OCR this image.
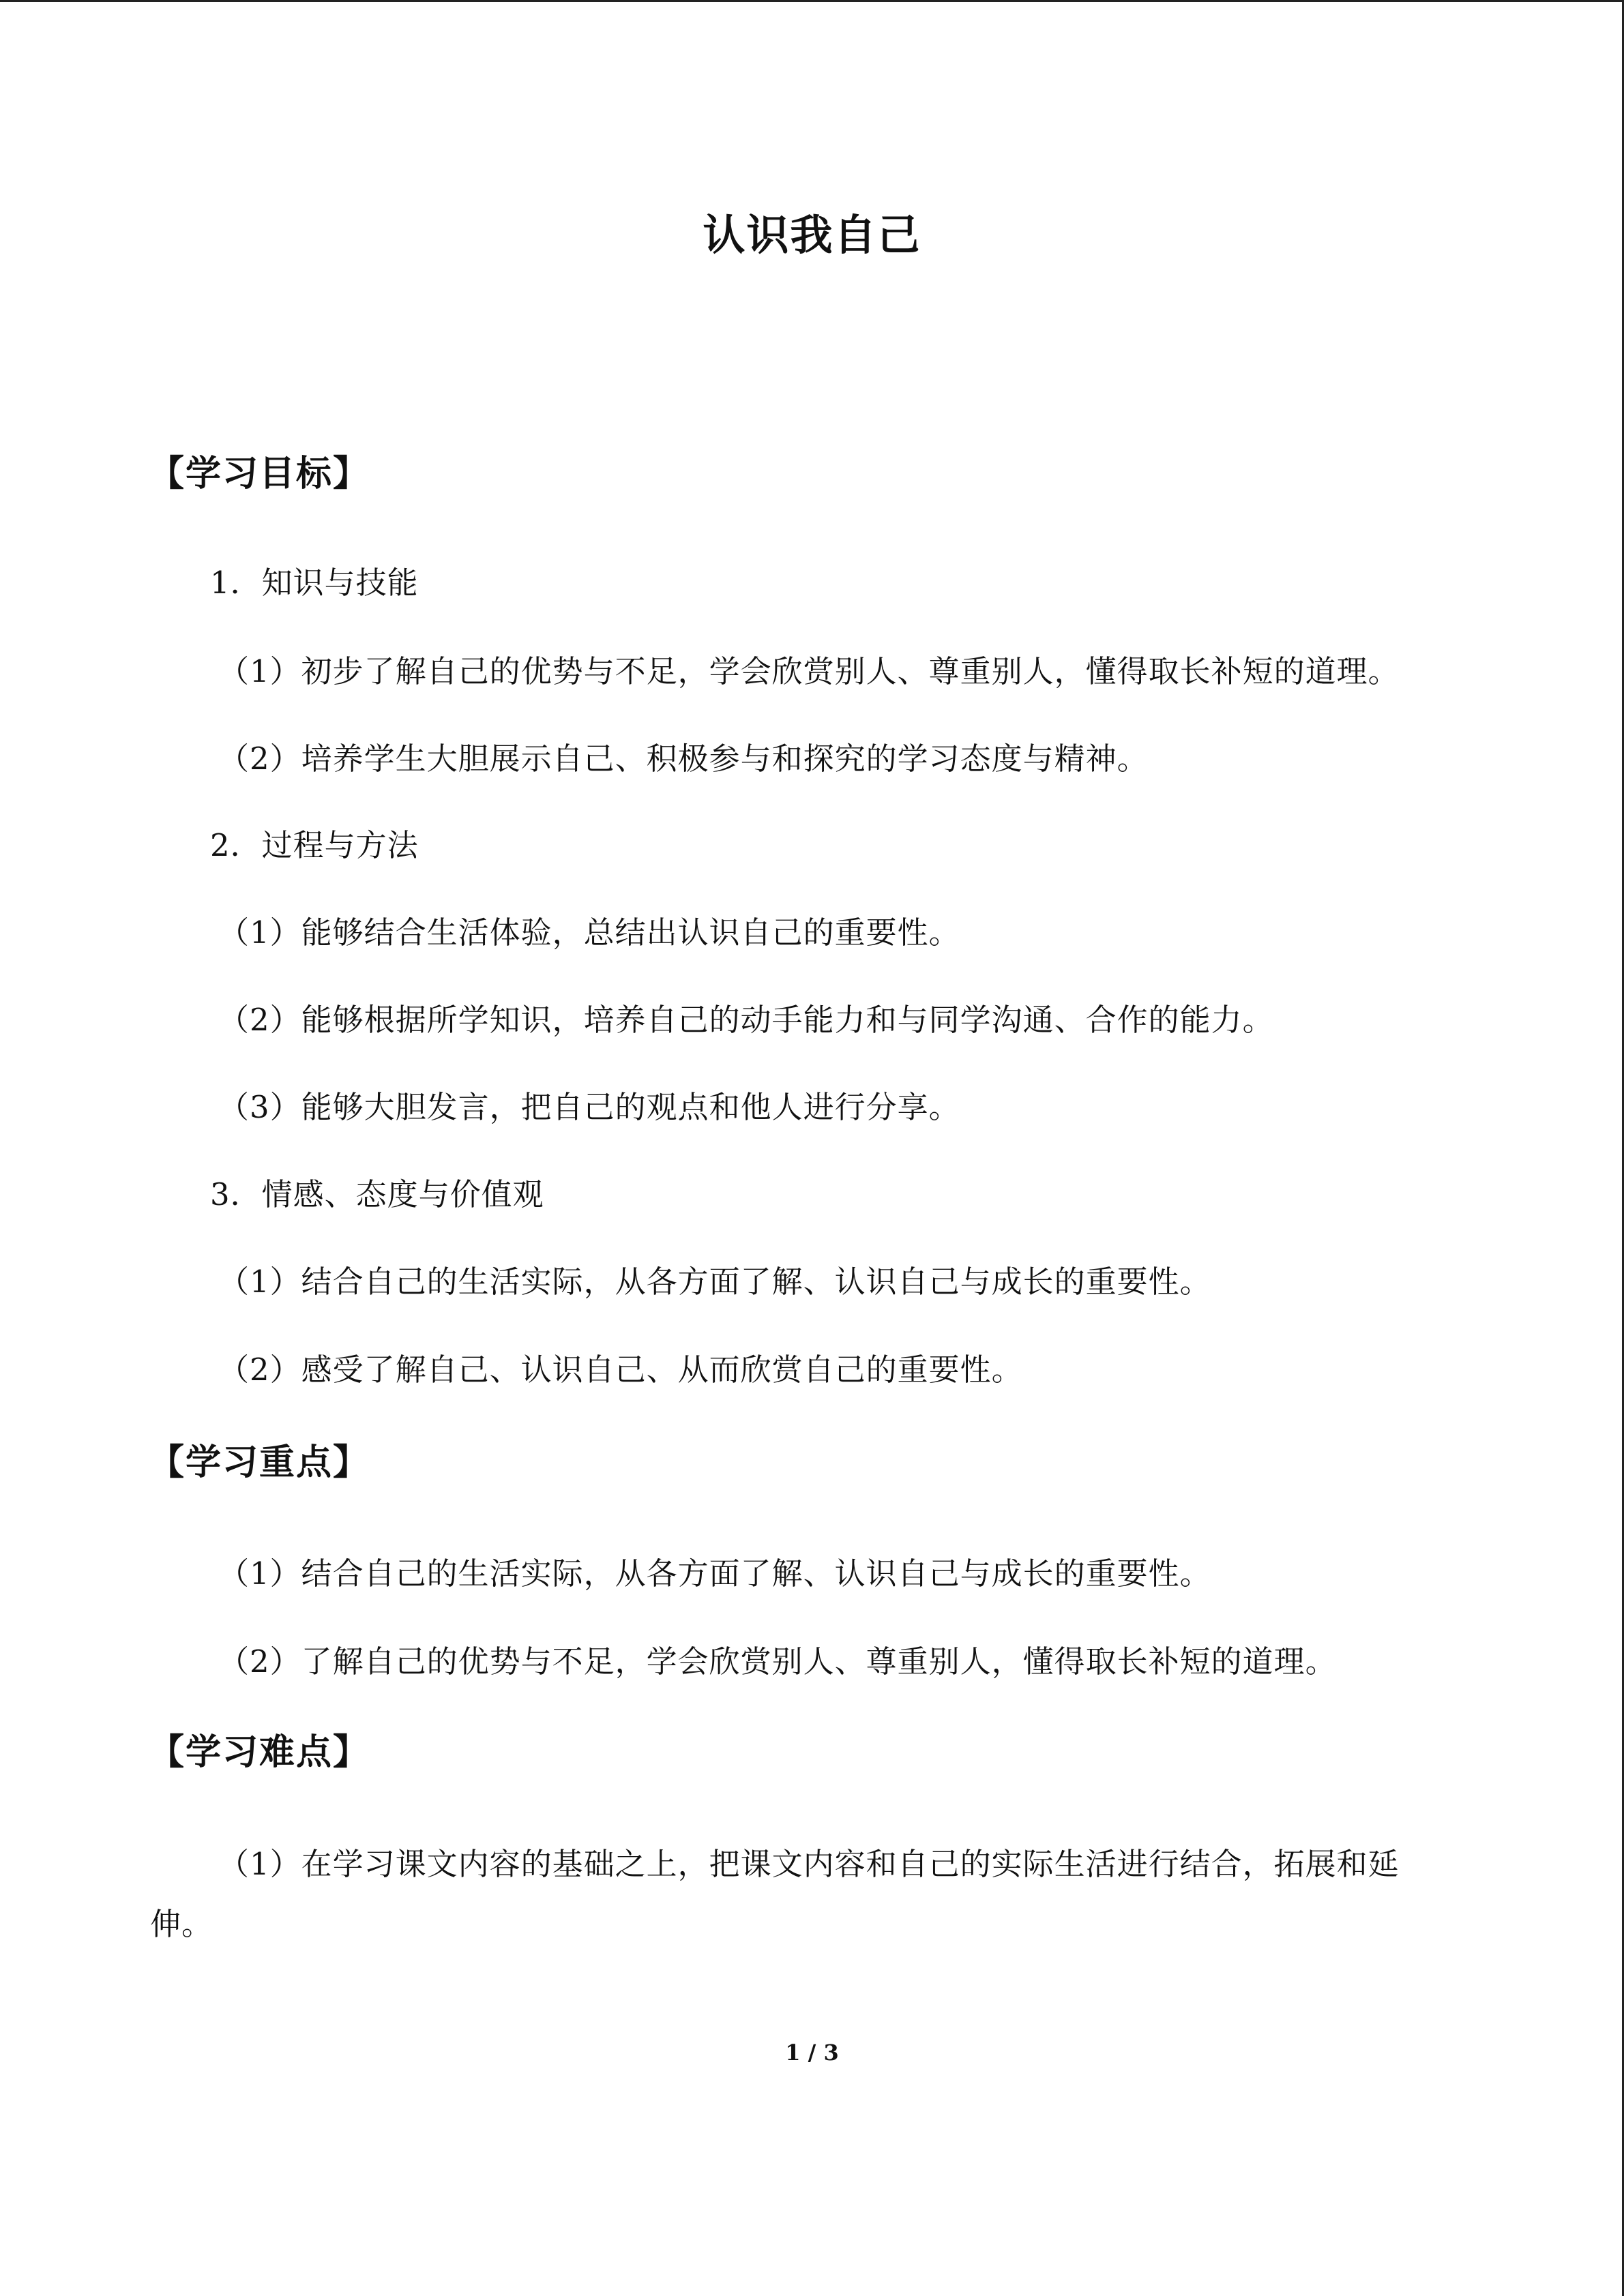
认识我自己
【学习目标】
1．知识与技能
（1）初步了解自己的优势与不足，学会欣赏别人、尊重别人，懂得取长补短的道理。
（2）培养学生大胆展示自己、积极参与和探究的学习态度与精神。
2．过程与方法
（1）能够结合生活体验，总结出认识自己的重要性。
（2）能够根据所学知识，培养自己的动手能力和与同学沟通、合作的能力。
（3）能够大胆发言，把自己的观点和他人进行分享。
3．情感、态度与价值观
（1）结合自己的生活实际，从各方面了解、认识自己与成长的重要性。
（2）感受了解自己、认识自己、从而欣赏自己的重要性。
【学习重点】
（1）结合自己的生活实际，从各方面了解、认识自己与成长的重要性。
（2）了解自己的优势与不足，学会欣赏别人、尊重别人，懂得取长补短的道理。
【学习难点】
（1）在学习课文内容的基础之上，把课文内容和自己的实际生活进行结合，拓展和延伸。
1 / 3
